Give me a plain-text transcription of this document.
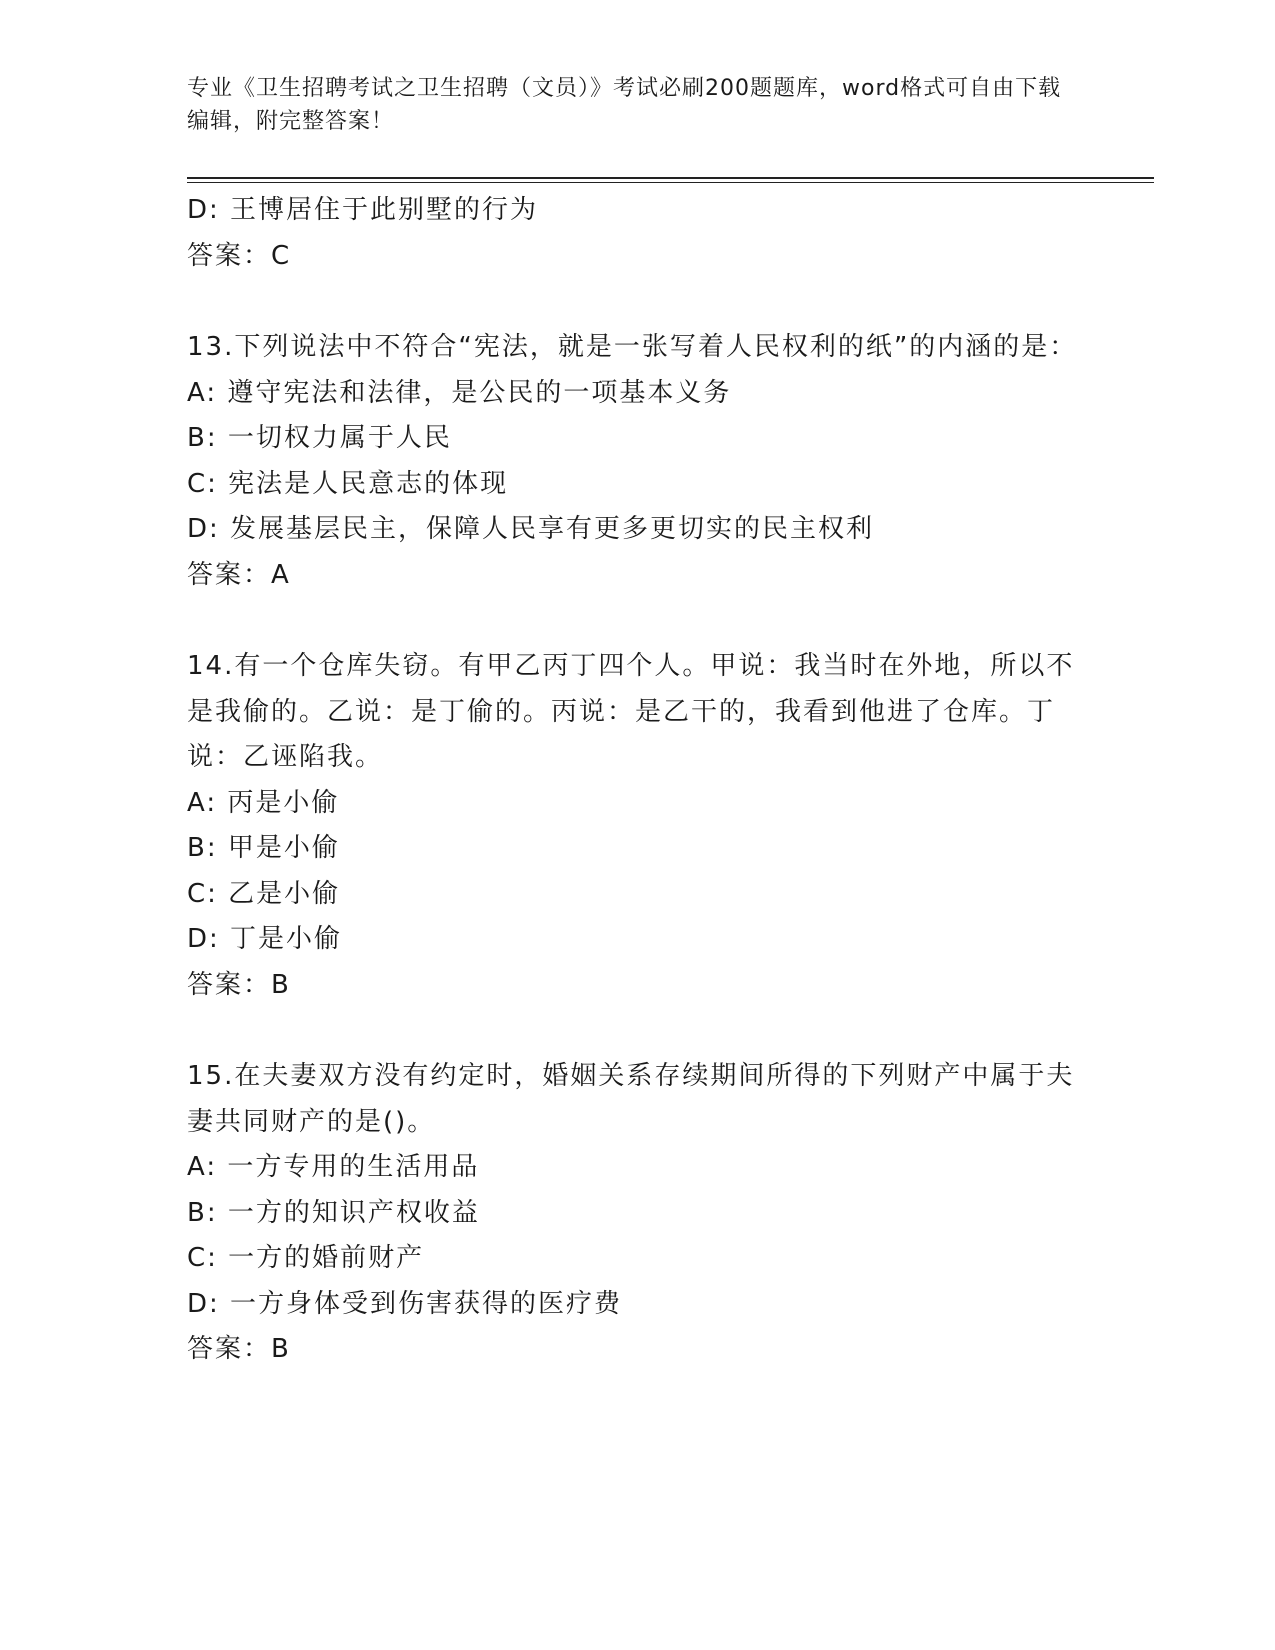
专业《卫生招聘考试之卫生招聘（文员）》考试必刷200题题库，word格式可自由下载编辑，附完整答案！
D: 王博居住于此别墅的行为
答案：C
13.下列说法中不符合“宪法，就是一张写着人民权利的纸”的内涵的是：
A: 遵守宪法和法律，是公民的一项基本义务
B: 一切权力属于人民
C: 宪法是人民意志的体现
D: 发展基层民主，保障人民享有更多更切实的民主权利
答案：A
14.有一个仓库失窃。有甲乙丙丁四个人。甲说：我当时在外地，所以不是我偷的。乙说：是丁偷的。丙说：是乙干的，我看到他进了仓库。丁说：乙诬陷我。
A: 丙是小偷
B: 甲是小偷
C: 乙是小偷
D: 丁是小偷
答案：B
15.在夫妻双方没有约定时，婚姻关系存续期间所得的下列财产中属于夫妻共同财产的是()。
A: 一方专用的生活用品
B: 一方的知识产权收益
C: 一方的婚前财产
D: 一方身体受到伤害获得的医疗费
答案：B
